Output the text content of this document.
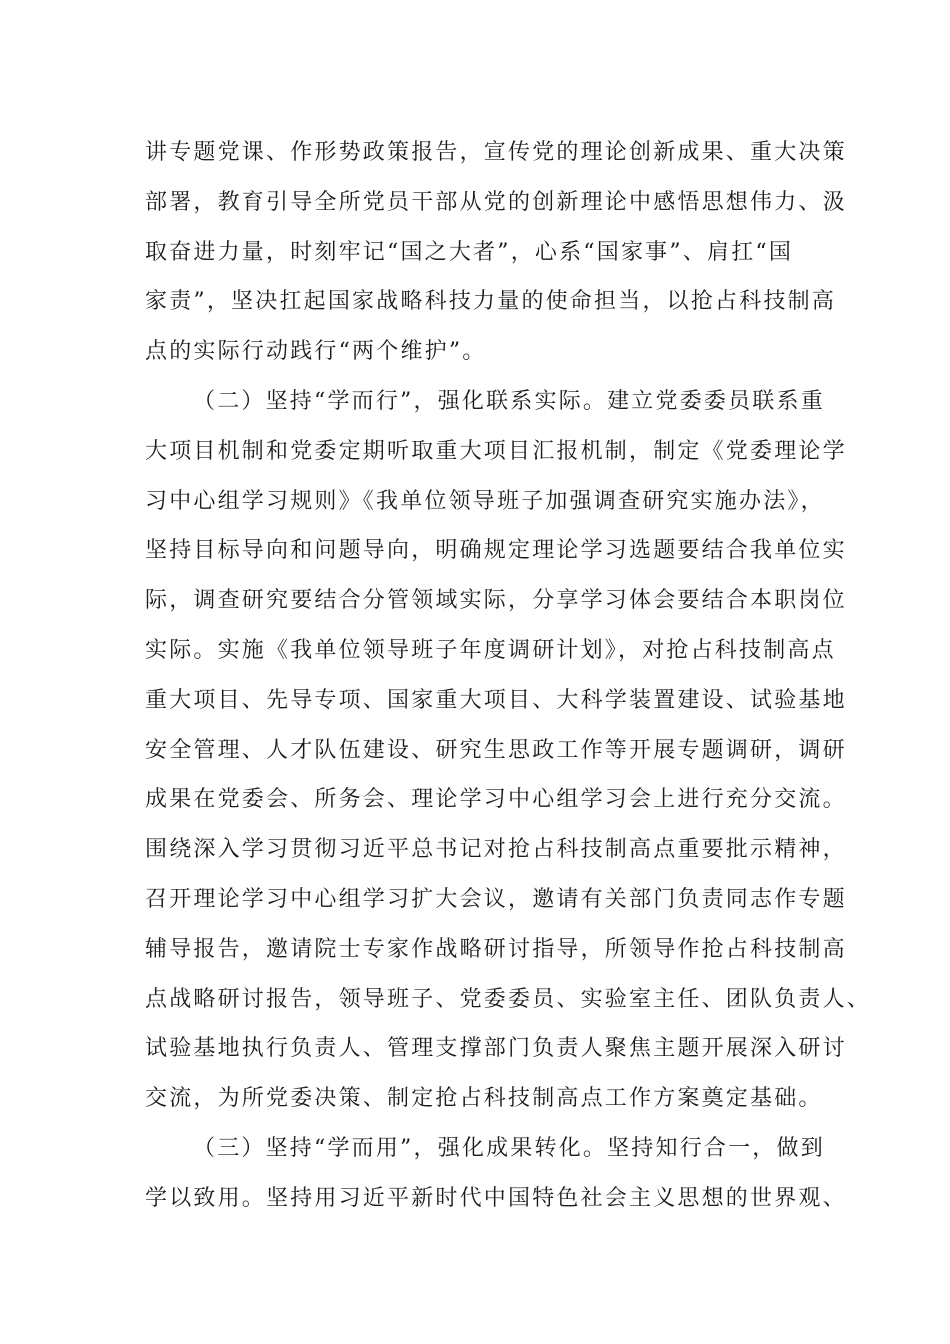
讲专题党课、作形势政策报告，宣传党的理论创新成果、重大决策
部署，教育引导全所党员干部从党的创新理论中感悟思想伟力、汲
取奋进力量，时刻牢记“国之大者”，心系“国家事”、肩扛“国
家责”，坚决扛起国家战略科技力量的使命担当，以抢占科技制高
点的实际行动践行“两个维护”。
（二）坚持“学而行”，强化联系实际。建立党委委员联系重
大项目机制和党委定期听取重大项目汇报机制，制定《党委理论学
习中心组学习规则》《我单位领导班子加强调查研究实施办法》，
坚持目标导向和问题导向，明确规定理论学习选题要结合我单位实
际，调查研究要结合分管领域实际，分享学习体会要结合本职岗位
实际。实施《我单位领导班子年度调研计划》，对抢占科技制高点
重大项目、先导专项、国家重大项目、大科学装置建设、试验基地
安全管理、人才队伍建设、研究生思政工作等开展专题调研，调研
成果在党委会、所务会、理论学习中心组学习会上进行充分交流。
围绕深入学习贯彻习近平总书记对抢占科技制高点重要批示精神，
召开理论学习中心组学习扩大会议，邀请有关部门负责同志作专题
辅导报告，邀请院士专家作战略研讨指导，所领导作抢占科技制高
点战略研讨报告，领导班子、党委委员、实验室主任、团队负责人、
试验基地执行负责人、管理支撑部门负责人聚焦主题开展深入研讨
交流，为所党委决策、制定抢占科技制高点工作方案奠定基础。
（三）坚持“学而用”，强化成果转化。坚持知行合一，做到
学以致用。坚持用习近平新时代中国特色社会主义思想的世界观、
